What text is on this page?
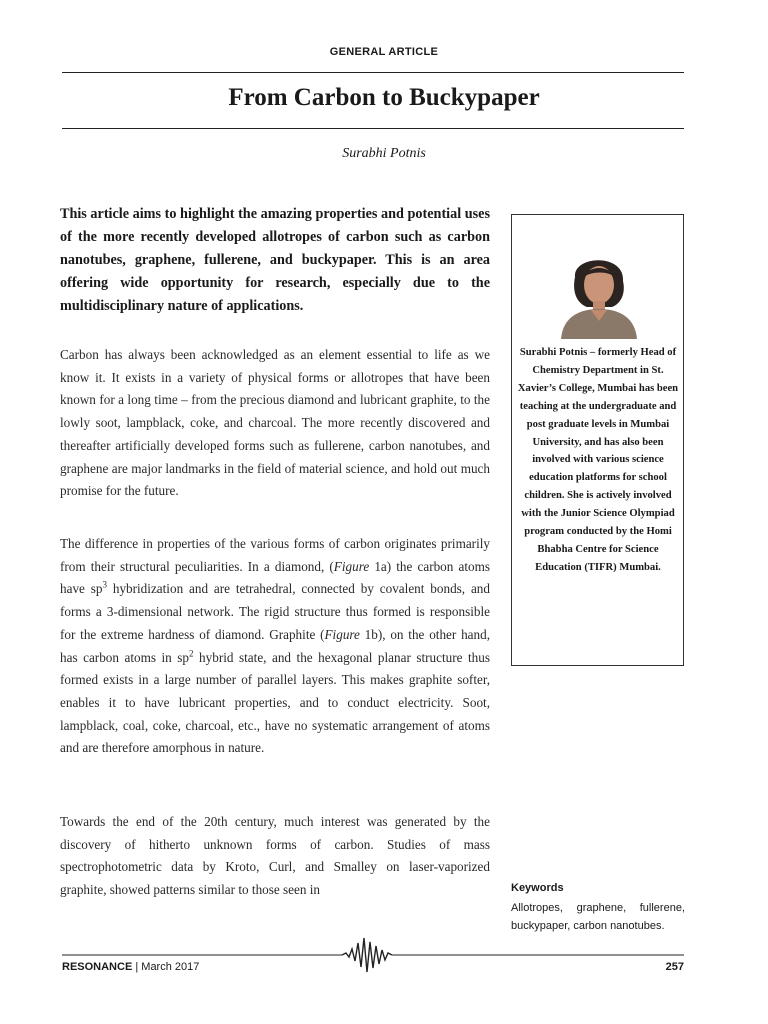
GENERAL ARTICLE
From Carbon to Buckypaper
Surabhi Potnis
This article aims to highlight the amazing properties and potential uses of the more recently developed allotropes of carbon such as carbon nanotubes, graphene, fullerene, and buckypaper. This is an area offering wide opportunity for research, especially due to the multidisciplinary nature of applications.
Carbon has always been acknowledged as an element essential to life as we know it. It exists in a variety of physical forms or allotropes that have been known for a long time – from the precious diamond and lubricant graphite, to the lowly soot, lampblack, coke, and charcoal. The more recently discovered and thereafter artificially developed forms such as fullerene, carbon nanotubes, and graphene are major landmarks in the field of material science, and hold out much promise for the future.
The difference in properties of the various forms of carbon originates primarily from their structural peculiarities. In a diamond, (Figure 1a) the carbon atoms have $sp^3$ hybridization and are tetrahedral, connected by covalent bonds, and forms a 3-dimensional network. The rigid structure thus formed is responsible for the extreme hardness of diamond. Graphite (Figure 1b), on the other hand, has carbon atoms in $sp^2$ hybrid state, and the hexagonal planar structure thus formed exists in a large number of parallel layers. This makes graphite softer, enables it to have lubricant properties, and to conduct electricity. Soot, lampblack, coal, coke, charcoal, etc., have no systematic arrangement of atoms and are therefore amorphous in nature.
Towards the end of the 20th century, much interest was generated by the discovery of hitherto unknown forms of carbon. Studies of mass spectrophotometric data by Kroto, Curl, and Smalley on laser-vaporized graphite, showed patterns similar to those seen in
Surabhi Potnis – formerly Head of Chemistry Department in St. Xavier’s College, Mumbai has been teaching at the undergraduate and post graduate levels in Mumbai University, and has also been involved with various science education platforms for school children. She is actively involved with the Junior Science Olympiad program conducted by the Homi Bhabha Centre for Science Education (TIFR) Mumbai.
Keywords
Allotropes, graphene, fullerene, buckypaper, carbon nanotubes.
RESONANCE | March 2017	257
